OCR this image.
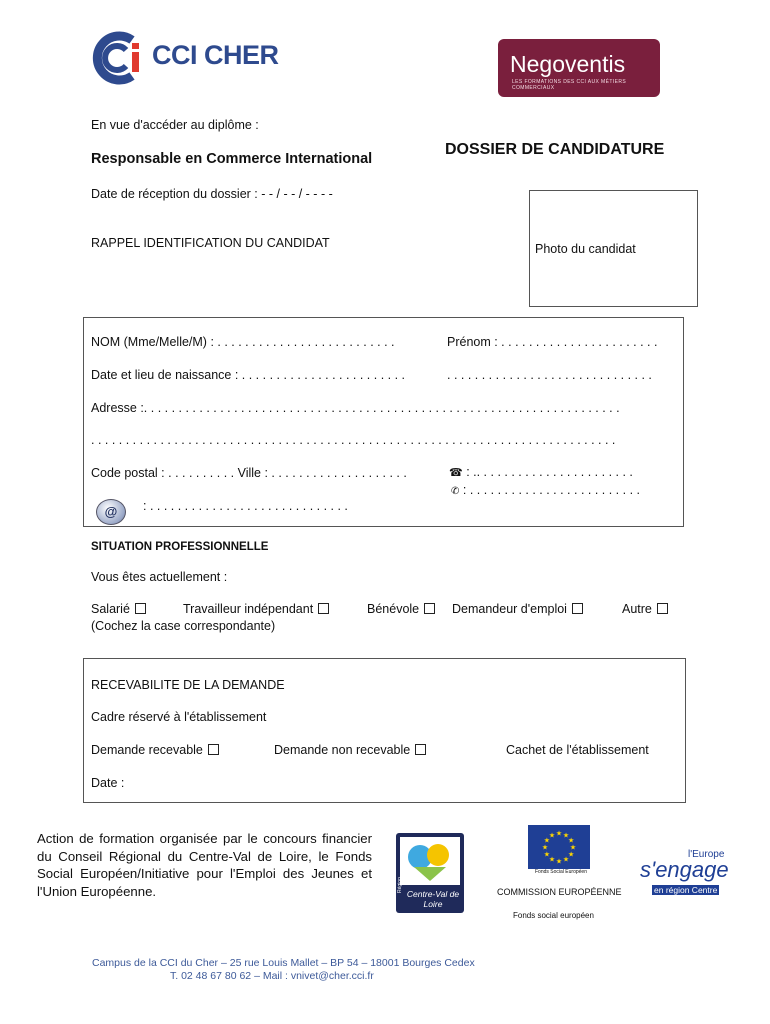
CCI CHER	Negoventis
LES FORMATIONS DES CCI AUX MÉTIERS COMMERCIAUX
En vue d'accéder au diplôme :
Responsable en Commerce International
DOSSIER DE CANDIDATURE
Date de réception du dossier : - - / - - / - - - -
RAPPEL IDENTIFICATION DU CANDIDAT	Photo du candidat
NOM (Mme/Melle/M) : . . . . . . . . . . . . . . . . . . . . . . . . . .	Prénom : . . . . . . . . . . . . . . . . . . . . . . .
Date et lieu de naissance : . . . . . . . . . . . . . . . . . . . . . . . .	. . . . . . . . . . . . . . . . . . . . . . . . . . . . . .
Adresse :. . . . . . . . . . . . . . . . . . . . . . . . . . . . . . . . . . . . . . . . . . . . . . . . . . . . . . . . . . . . . . . . . . . . .
. . . . . . . . . . . . . . . . . . . . . . . . . . . . . . . . . . . . . . . . . . . . . . . . . . . . . . . . . . . . . . . . . . . . . . . . . . . .
Code postal : . . . . . . . . . . Ville : . . . . . . . . . . . . . . . . . . . .	☎ : .. . . . . . . . . . . . . . . . . . . . . . .
✆ : . . . . . . . . . . . . . . . . . . . . . . . . .
@	: . . . . . . . . . . . . . . . . . . . . . . . . . . . . .
SITUATION PROFESSIONNELLE
Vous êtes actuellement :
Salarié	Travailleur indépendant	Bénévole	Demandeur d'emploi	Autre
(Cochez la case correspondante)
RECEVABILITE DE LA DEMANDE
Cadre réservé à l'établissement
Demande recevable	Demande non recevable	Cachet de l'établissement
Date :
Action de formation organisée par le concours financier du Conseil Régional du Centre-Val de Loire, le Fonds Social Européen/Initiative pour l'Emploi des Jeunes et l'Union Européenne.	Région
Centre-Val de Loire
★
★
★
★
★
★
★
★
★ ★ ★
★
Fonds Social Européen
COMMISSION EUROPÉENNE
Fonds social européen
l'Europe
s'engage
en région Centre
Campus de la CCI du Cher – 25 rue Louis Mallet – BP 54 – 18001 Bourges Cedex
T. 02 48 67 80 62 – Mail : vnivet@cher.cci.fr
